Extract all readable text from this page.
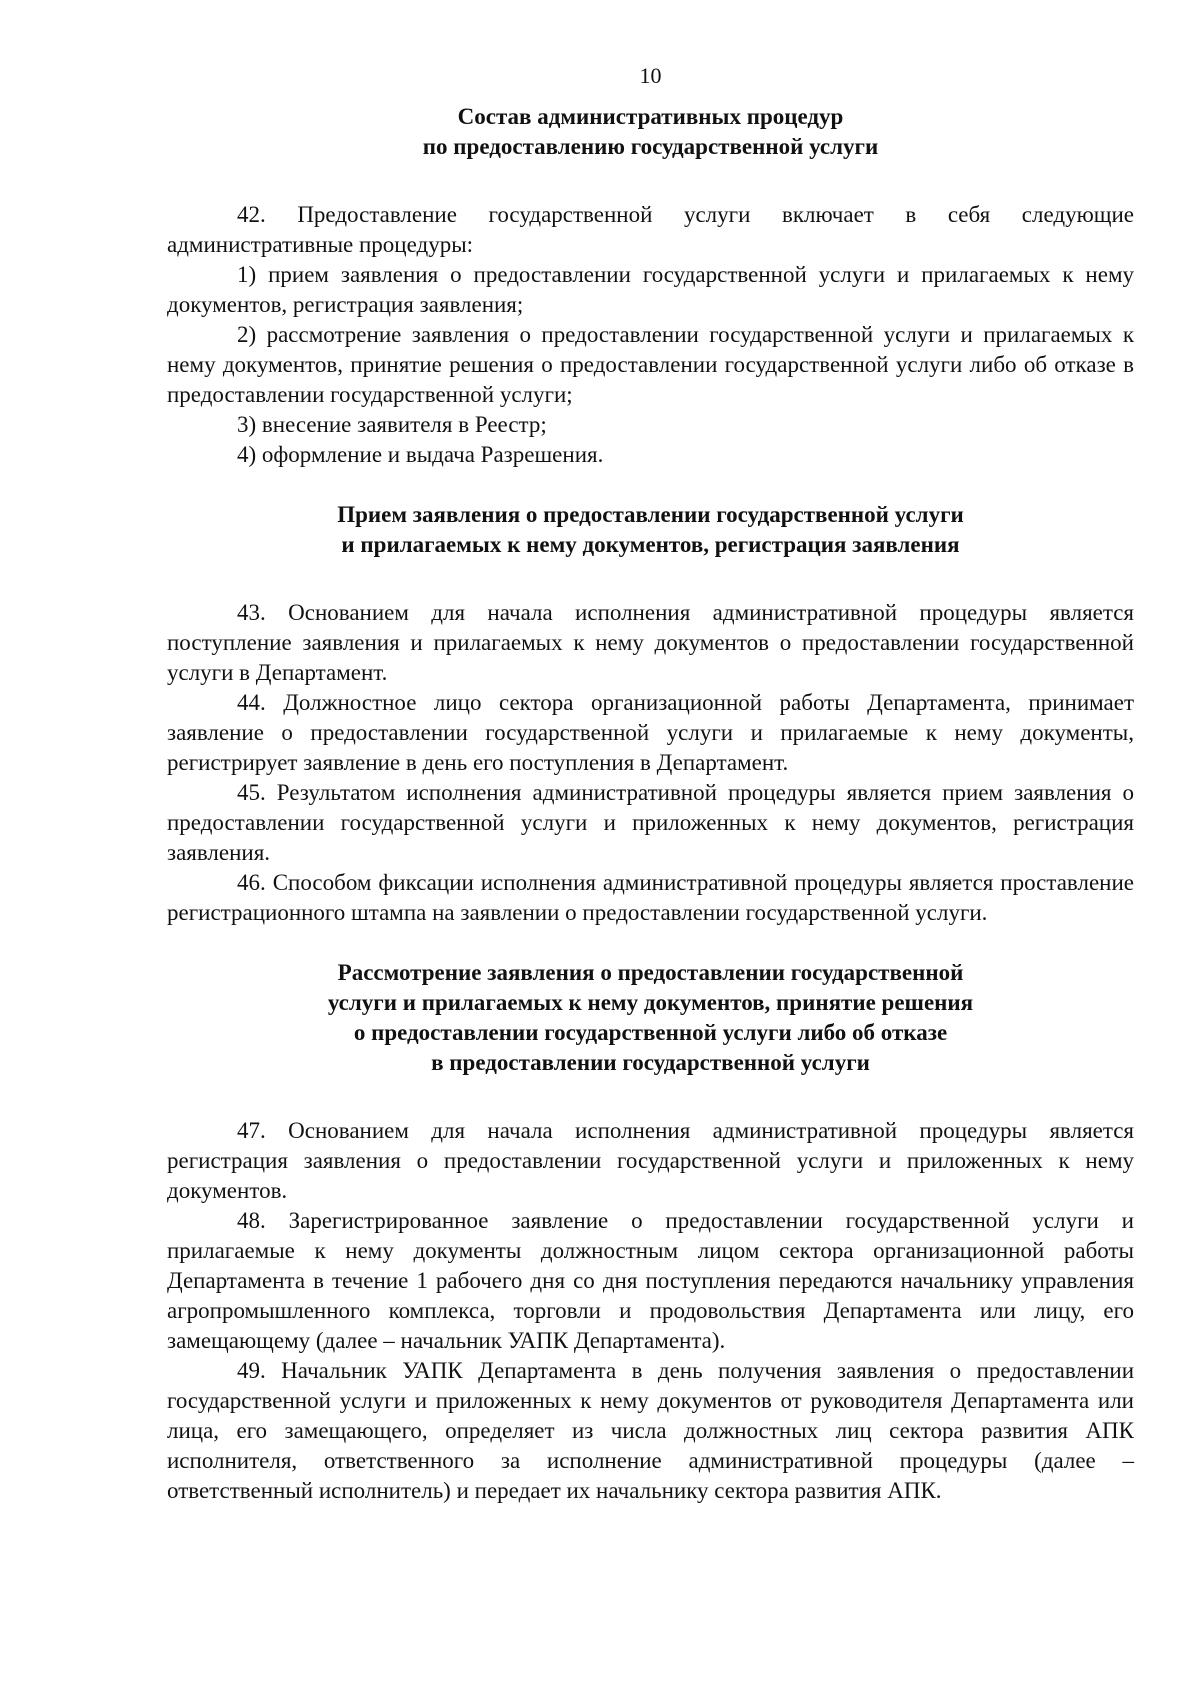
10
Состав административных процедур
по предоставлению государственной услуги

42. Предоставление государственной услуги включает в себя следующие административные процедуры:

1) прием заявления о предоставлении государственной услуги и прилагаемых к нему документов, регистрация заявления;

2) рассмотрение заявления о предоставлении государственной услуги и прилагаемых к нему документов, принятие решения о предоставлении государственной услуги либо об отказе в предоставлении государственной услуги;

3) внесение заявителя в Реестр;

4) оформление и выдача Разрешения.

Прием заявления о предоставлении государственной услуги
и прилагаемых к нему документов, регистрация заявления

43. Основанием для начала исполнения административной процедуры является поступление заявления и прилагаемых к нему документов о предоставлении государственной услуги в Департамент.

44. Должностное лицо сектора организационной работы Департамента, принимает заявление о предоставлении государственной услуги и прилагаемые к нему документы, регистрирует заявление в день его поступления в Департамент.

45. Результатом исполнения административной процедуры является прием заявления о предоставлении государственной услуги и приложенных к нему документов, регистрация заявления.

46. Способом фиксации исполнения административной процедуры является проставление регистрационного штампа на заявлении о предоставлении государственной услуги.

Рассмотрение заявления о предоставлении государственной
услуги и прилагаемых к нему документов, принятие решения
о предоставлении государственной услуги либо об отказе
в предоставлении государственной услуги

47. Основанием для начала исполнения административной процедуры является регистрация заявления о предоставлении государственной услуги и приложенных к нему документов.

48. Зарегистрированное заявление о предоставлении государственной услуги и прилагаемые к нему документы должностным лицом сектора организационной работы Департамента в течение 1 рабочего дня со дня поступления передаются начальнику управления агропромышленного комплекса, торговли и продовольствия Департамента или лицу, его замещающему (далее – начальник УАПК Департамента).

49. Начальник УАПК Департамента в день получения заявления о предоставлении государственной услуги и приложенных к нему документов от руководителя Департамента или лица, его замещающего, определяет из числа должностных лиц сектора развития АПК исполнителя, ответственного за исполнение административной процедуры (далее – ответственный исполнитель) и передает их начальнику сектора развития АПК.
